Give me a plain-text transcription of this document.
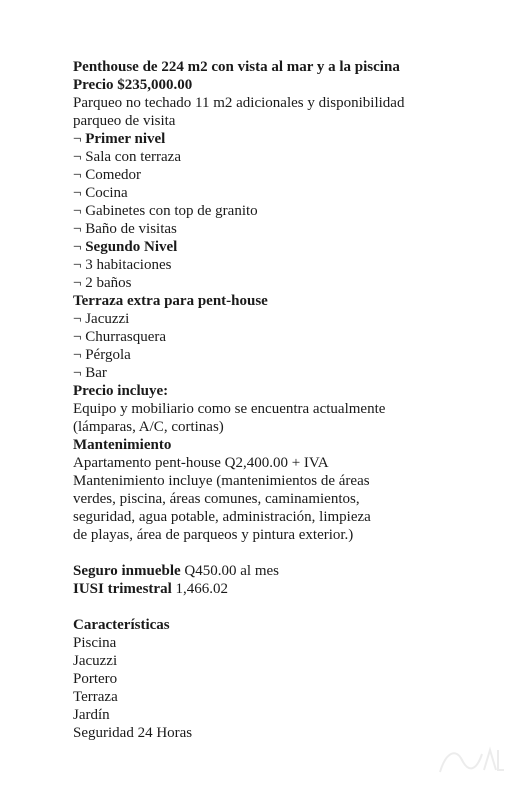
Penthouse de 224 m2 con vista al mar y a la piscina
Precio $235,000.00
Parqueo no techado 11 m2 adicionales y disponibilidad
parqueo de visita
¬ Primer nivel
¬ Sala con terraza
¬ Comedor
¬ Cocina
¬ Gabinetes con top de granito
¬ Baño de visitas
¬ Segundo Nivel
¬ 3 habitaciones
¬ 2 baños
Terraza extra para pent-house
¬ Jacuzzi
¬ Churrasquera
¬ Pérgola
¬ Bar
Precio incluye:
Equipo y mobiliario como se encuentra actualmente
(lámparas, A/C, cortinas)
Mantenimiento
Apartamento pent-house Q2,400.00 + IVA
Mantenimiento incluye (mantenimientos de áreas
verdes, piscina, áreas comunes, caminamientos,
seguridad, agua potable, administración, limpieza
de playas, área de parqueos y pintura exterior.)
Seguro inmueble Q450.00 al mes
IUSI trimestral 1,466.02
Características
Piscina
Jacuzzi
Portero
Terraza
Jardín
Seguridad 24 Horas
